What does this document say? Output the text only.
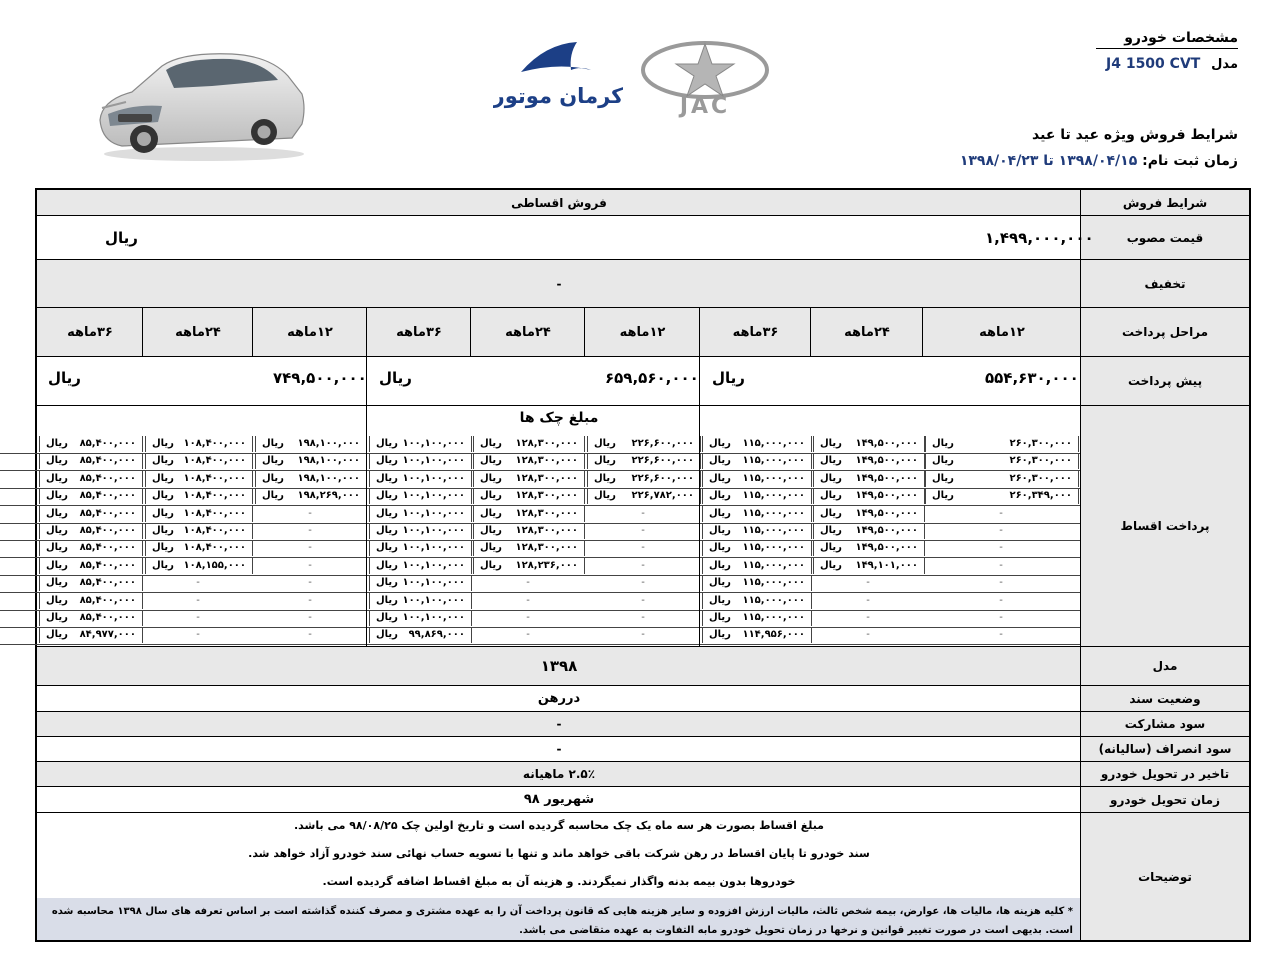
کرمان موتور	JAC
مشخصات خودرو
مدل
J4 1500 CVT
شرایط فروش ویژه عید تا عید
زمان ثبت نام: ۱۳۹۸/۰۴/۱۵ تا ۱۳۹۸/۰۴/۲۳
شرایط فروش
قیمت مصوب
تخفیف
مراحل پرداخت
پیش پرداخت
پرداخت اقساط
مدل
وضعیت سند
سود مشارکت
سود انصراف (سالیانه)
تاخیر در تحویل خودرو
زمان تحویل خودرو
توضیحات
فروش اقساطی
۱,۴۹۹,۰۰۰,۰۰۰
ریال
-
۱۲ماهه
۲۴ماهه
۳۶ماهه
۱۲ماهه
۲۴ماهه
۳۶ماهه
۱۲ماهه
۲۴ماهه
۳۶ماهه
۵۵۴,۶۳۰,۰۰۰
ریال
۶۵۹,۵۶۰,۰۰۰
ریال
۷۴۹,۵۰۰,۰۰۰
ریال
مبلغ چک ها
۲۶۰,۳۰۰,۰۰۰
ریال
۱۴۹,۵۰۰,۰۰۰
ریال
۱۱۵,۰۰۰,۰۰۰
ریال
۲۲۶,۶۰۰,۰۰۰
ریال
۱۲۸,۳۰۰,۰۰۰
ریال
۱۰۰,۱۰۰,۰۰۰
ریال
۱۹۸,۱۰۰,۰۰۰
ریال
۱۰۸,۴۰۰,۰۰۰
ریال
۸۵,۴۰۰,۰۰۰
ریال
۲۶۰,۳۰۰,۰۰۰
ریال
۱۴۹,۵۰۰,۰۰۰
ریال
۱۱۵,۰۰۰,۰۰۰
ریال
۲۲۶,۶۰۰,۰۰۰
ریال
۱۲۸,۳۰۰,۰۰۰
ریال
۱۰۰,۱۰۰,۰۰۰
ریال
۱۹۸,۱۰۰,۰۰۰
ریال
۱۰۸,۴۰۰,۰۰۰
ریال
۸۵,۴۰۰,۰۰۰
ریال
۲۶۰,۳۰۰,۰۰۰
ریال
۱۴۹,۵۰۰,۰۰۰
ریال
۱۱۵,۰۰۰,۰۰۰
ریال
۲۲۶,۶۰۰,۰۰۰
ریال
۱۲۸,۳۰۰,۰۰۰
ریال
۱۰۰,۱۰۰,۰۰۰
ریال
۱۹۸,۱۰۰,۰۰۰
ریال
۱۰۸,۴۰۰,۰۰۰
ریال
۸۵,۴۰۰,۰۰۰
ریال
۲۶۰,۳۴۹,۰۰۰
ریال
۱۴۹,۵۰۰,۰۰۰
ریال
۱۱۵,۰۰۰,۰۰۰
ریال
۲۲۶,۷۸۲,۰۰۰
ریال
۱۲۸,۳۰۰,۰۰۰
ریال
۱۰۰,۱۰۰,۰۰۰
ریال
۱۹۸,۲۶۹,۰۰۰
ریال
۱۰۸,۴۰۰,۰۰۰
ریال
۸۵,۴۰۰,۰۰۰
ریال
-
۱۴۹,۵۰۰,۰۰۰
ریال
۱۱۵,۰۰۰,۰۰۰
ریال
-
۱۲۸,۳۰۰,۰۰۰
ریال
۱۰۰,۱۰۰,۰۰۰
ریال
-
۱۰۸,۴۰۰,۰۰۰
ریال
۸۵,۴۰۰,۰۰۰
ریال
-
۱۴۹,۵۰۰,۰۰۰
ریال
۱۱۵,۰۰۰,۰۰۰
ریال
-
۱۲۸,۳۰۰,۰۰۰
ریال
۱۰۰,۱۰۰,۰۰۰
ریال
-
۱۰۸,۴۰۰,۰۰۰
ریال
۸۵,۴۰۰,۰۰۰
ریال
-
۱۴۹,۵۰۰,۰۰۰
ریال
۱۱۵,۰۰۰,۰۰۰
ریال
-
۱۲۸,۳۰۰,۰۰۰
ریال
۱۰۰,۱۰۰,۰۰۰
ریال
-
۱۰۸,۴۰۰,۰۰۰
ریال
۸۵,۴۰۰,۰۰۰
ریال
-
۱۴۹,۱۰۱,۰۰۰
ریال
۱۱۵,۰۰۰,۰۰۰
ریال
-
۱۲۸,۲۳۶,۰۰۰
ریال
۱۰۰,۱۰۰,۰۰۰
ریال
-
۱۰۸,۱۵۵,۰۰۰
ریال
۸۵,۴۰۰,۰۰۰
ریال
-
-
۱۱۵,۰۰۰,۰۰۰
ریال
-
-
۱۰۰,۱۰۰,۰۰۰
ریال
-
-
۸۵,۴۰۰,۰۰۰
ریال
-
-
۱۱۵,۰۰۰,۰۰۰
ریال
-
-
۱۰۰,۱۰۰,۰۰۰
ریال
-
-
۸۵,۴۰۰,۰۰۰
ریال
-
-
۱۱۵,۰۰۰,۰۰۰
ریال
-
-
۱۰۰,۱۰۰,۰۰۰
ریال
-
-
۸۵,۴۰۰,۰۰۰
ریال
-
-
۱۱۴,۹۵۶,۰۰۰
ریال
-
-
۹۹,۸۶۹,۰۰۰
ریال
-
-
۸۴,۹۷۷,۰۰۰
ریال
۱۳۹۸
دررهن
-
-
۲.۵٪ ماهیانه
شهریور ۹۸
مبلغ اقساط بصورت هر سه ماه یک چک محاسبه گردیده است و تاریخ اولین چک ۹۸/۰۸/۲۵ می باشد.
سند خودرو تا پایان اقساط در رهن شرکت باقی خواهد ماند و تنها با تسویه حساب نهائی سند خودرو آزاد خواهد شد.
خودروها بدون بیمه بدنه واگذار نمیگردند. و هزینه آن به مبلغ اقساط اضافه گردیده است.
* کلیه هزینه ها، مالیات ها، عوارض، بیمه شخص ثالث، مالیات ارزش افزوده و سایر هزینه هایی که قانون پرداخت آن را به عهده مشتری و مصرف کننده گذاشته است بر اساس تعرفه های سال ۱۳۹۸ محاسبه شده است. بدیهی است در صورت تغییر قوانین و نرخها در زمان تحویل خودرو مابه التفاوت به عهده متقاضی می باشد.
